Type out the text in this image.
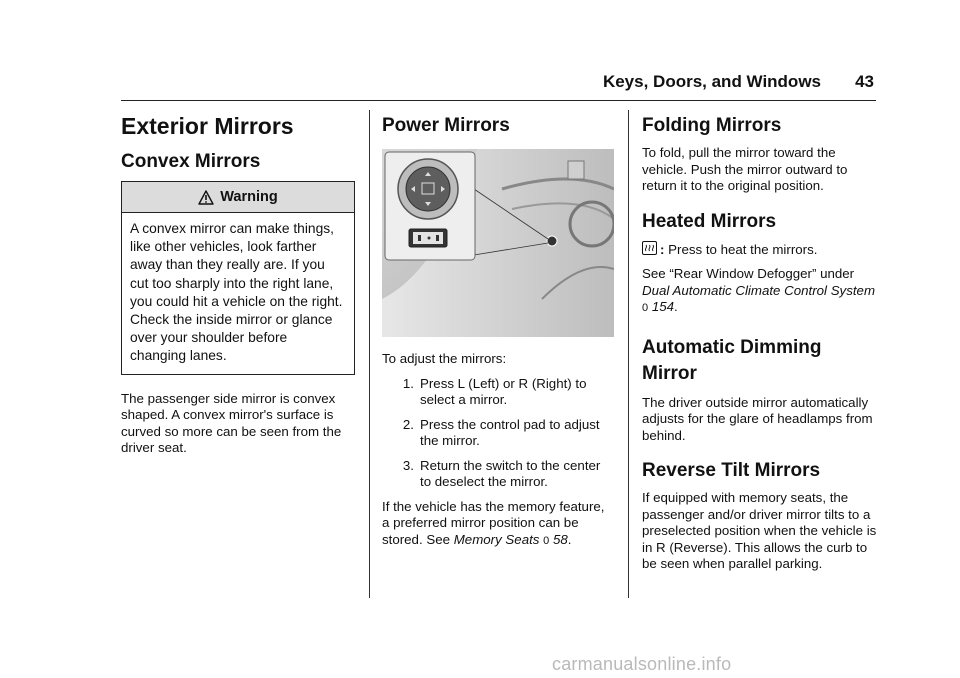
Keys, Doors, and Windows 43
Exterior Mirrors
Convex Mirrors
Warning

A convex mirror can make things, like other vehicles, look farther away than they really are. If you cut too sharply into the right lane, you could hit a vehicle on the right. Check the inside mirror or glance over your shoulder before changing lanes.

The passenger side mirror is convex shaped. A convex mirror's surface is curved so more can be seen from the driver seat.

Power Mirrors

To adjust the mirrors:

1. Press L (Left) or R (Right) to select a mirror.
2. Press the control pad to adjust the mirror.
3. Return the switch to the center to deselect the mirror.

If the vehicle has the memory feature, a preferred mirror position can be stored. See Memory Seats 0 58.

Folding Mirrors

To fold, pull the mirror toward the vehicle. Push the mirror outward to return it to the original position.

Heated Mirrors

: Press to heat the mirrors.

See “Rear Window Defogger” under Dual Automatic Climate Control System 0 154.

Automatic Dimming
Mirror

The driver outside mirror automatically adjusts for the glare of headlamps from behind.

Reverse Tilt Mirrors

If equipped with memory seats, the passenger and/or driver mirror tilts to a preselected position when the vehicle is in R (Reverse). This allows the curb to be seen when parallel parking.

carmanualsonline.info
